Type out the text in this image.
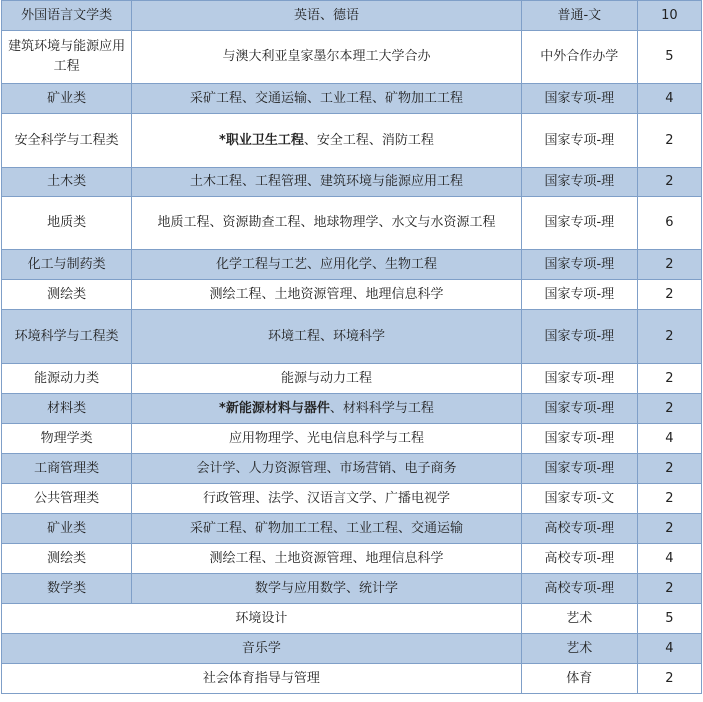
外国语言文学类	英语、德语	普通-文	10
建筑环境与能源应用工程	与澳大利亚皇家墨尔本理工大学合办	中外合作办学	5
矿业类	采矿工程、交通运输、工业工程、矿物加工工程	国家专项-理	4
安全科学与工程类	*职业卫生工程、安全工程、消防工程	国家专项-理	2
土木类	土木工程、工程管理、建筑环境与能源应用工程	国家专项-理	2
地质类	地质工程、资源勘查工程、地球物理学、水文与水资源工程	国家专项-理	6
化工与制药类	化学工程与工艺、应用化学、生物工程	国家专项-理	2
测绘类	测绘工程、土地资源管理、地理信息科学	国家专项-理	2
环境科学与工程类	环境工程、环境科学	国家专项-理	2
能源动力类	能源与动力工程	国家专项-理	2
材料类	*新能源材料与器件、材料科学与工程	国家专项-理	2
物理学类	应用物理学、光电信息科学与工程	国家专项-理	4
工商管理类	会计学、人力资源管理、市场营销、电子商务	国家专项-理	2
公共管理类	行政管理、法学、汉语言文学、广播电视学	国家专项-文	2
矿业类	采矿工程、矿物加工工程、工业工程、交通运输	高校专项-理	2
测绘类	测绘工程、土地资源管理、地理信息科学	高校专项-理	4
数学类	数学与应用数学、统计学	高校专项-理	2
环境设计		艺术	5
音乐学		艺术	4
社会体育指导与管理		体育	2
